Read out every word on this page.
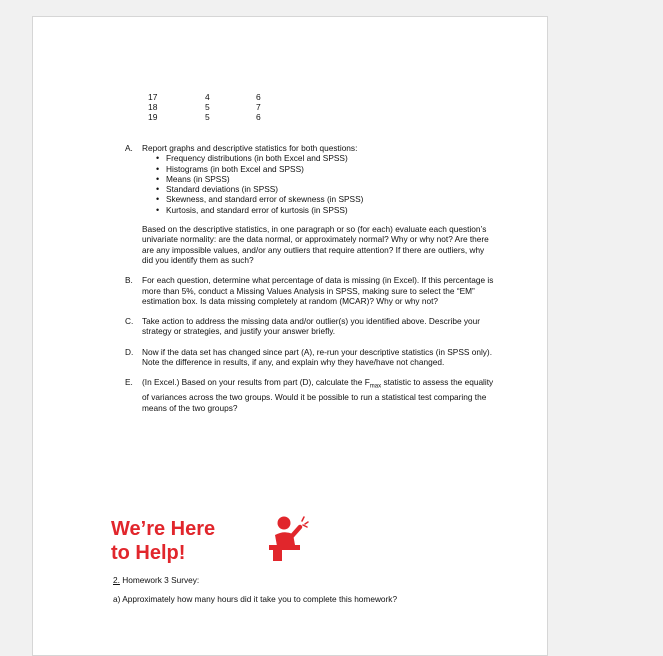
17	4	6
18	5	7
19	5	6
A. Report graphs and descriptive statistics for both questions:
• Frequency distributions (in both Excel and SPSS)
• Histograms (in both Excel and SPSS)
• Means (in SPSS)
• Standard deviations (in SPSS)
• Skewness, and standard error of skewness (in SPSS)
• Kurtosis, and standard error of kurtosis (in SPSS)
Based on the descriptive statistics, in one paragraph or so (for each) evaluate each question’s univariate normality: are the data normal, or approximately normal? Why or why not? Are there are any impossible values, and/or any outliers that require attention? If there are outliers, why did you identify them as such?
B. For each question, determine what percentage of data is missing (in Excel). If this percentage is more than 5%, conduct a Missing Values Analysis in SPSS, making sure to select the “EM” estimation box. Is data missing completely at random (MCAR)? Why or why not?
C. Take action to address the missing data and/or outlier(s) you identified above. Describe your strategy or strategies, and justify your answer briefly.
D. Now if the data set has changed since part (A), re-run your descriptive statistics (in SPSS only). Note the difference in results, if any, and explain why they have/have not changed.
E. (In Excel.) Based on your results from part (D), calculate the $F_{max}$ statistic to assess the equality of variances across the two groups. Would it be possible to run a statistical test comparing the means of the two groups?
We’re Here
to Help!
2. Homework 3 Survey:
a) Approximately how many hours did it take you to complete this homework?
